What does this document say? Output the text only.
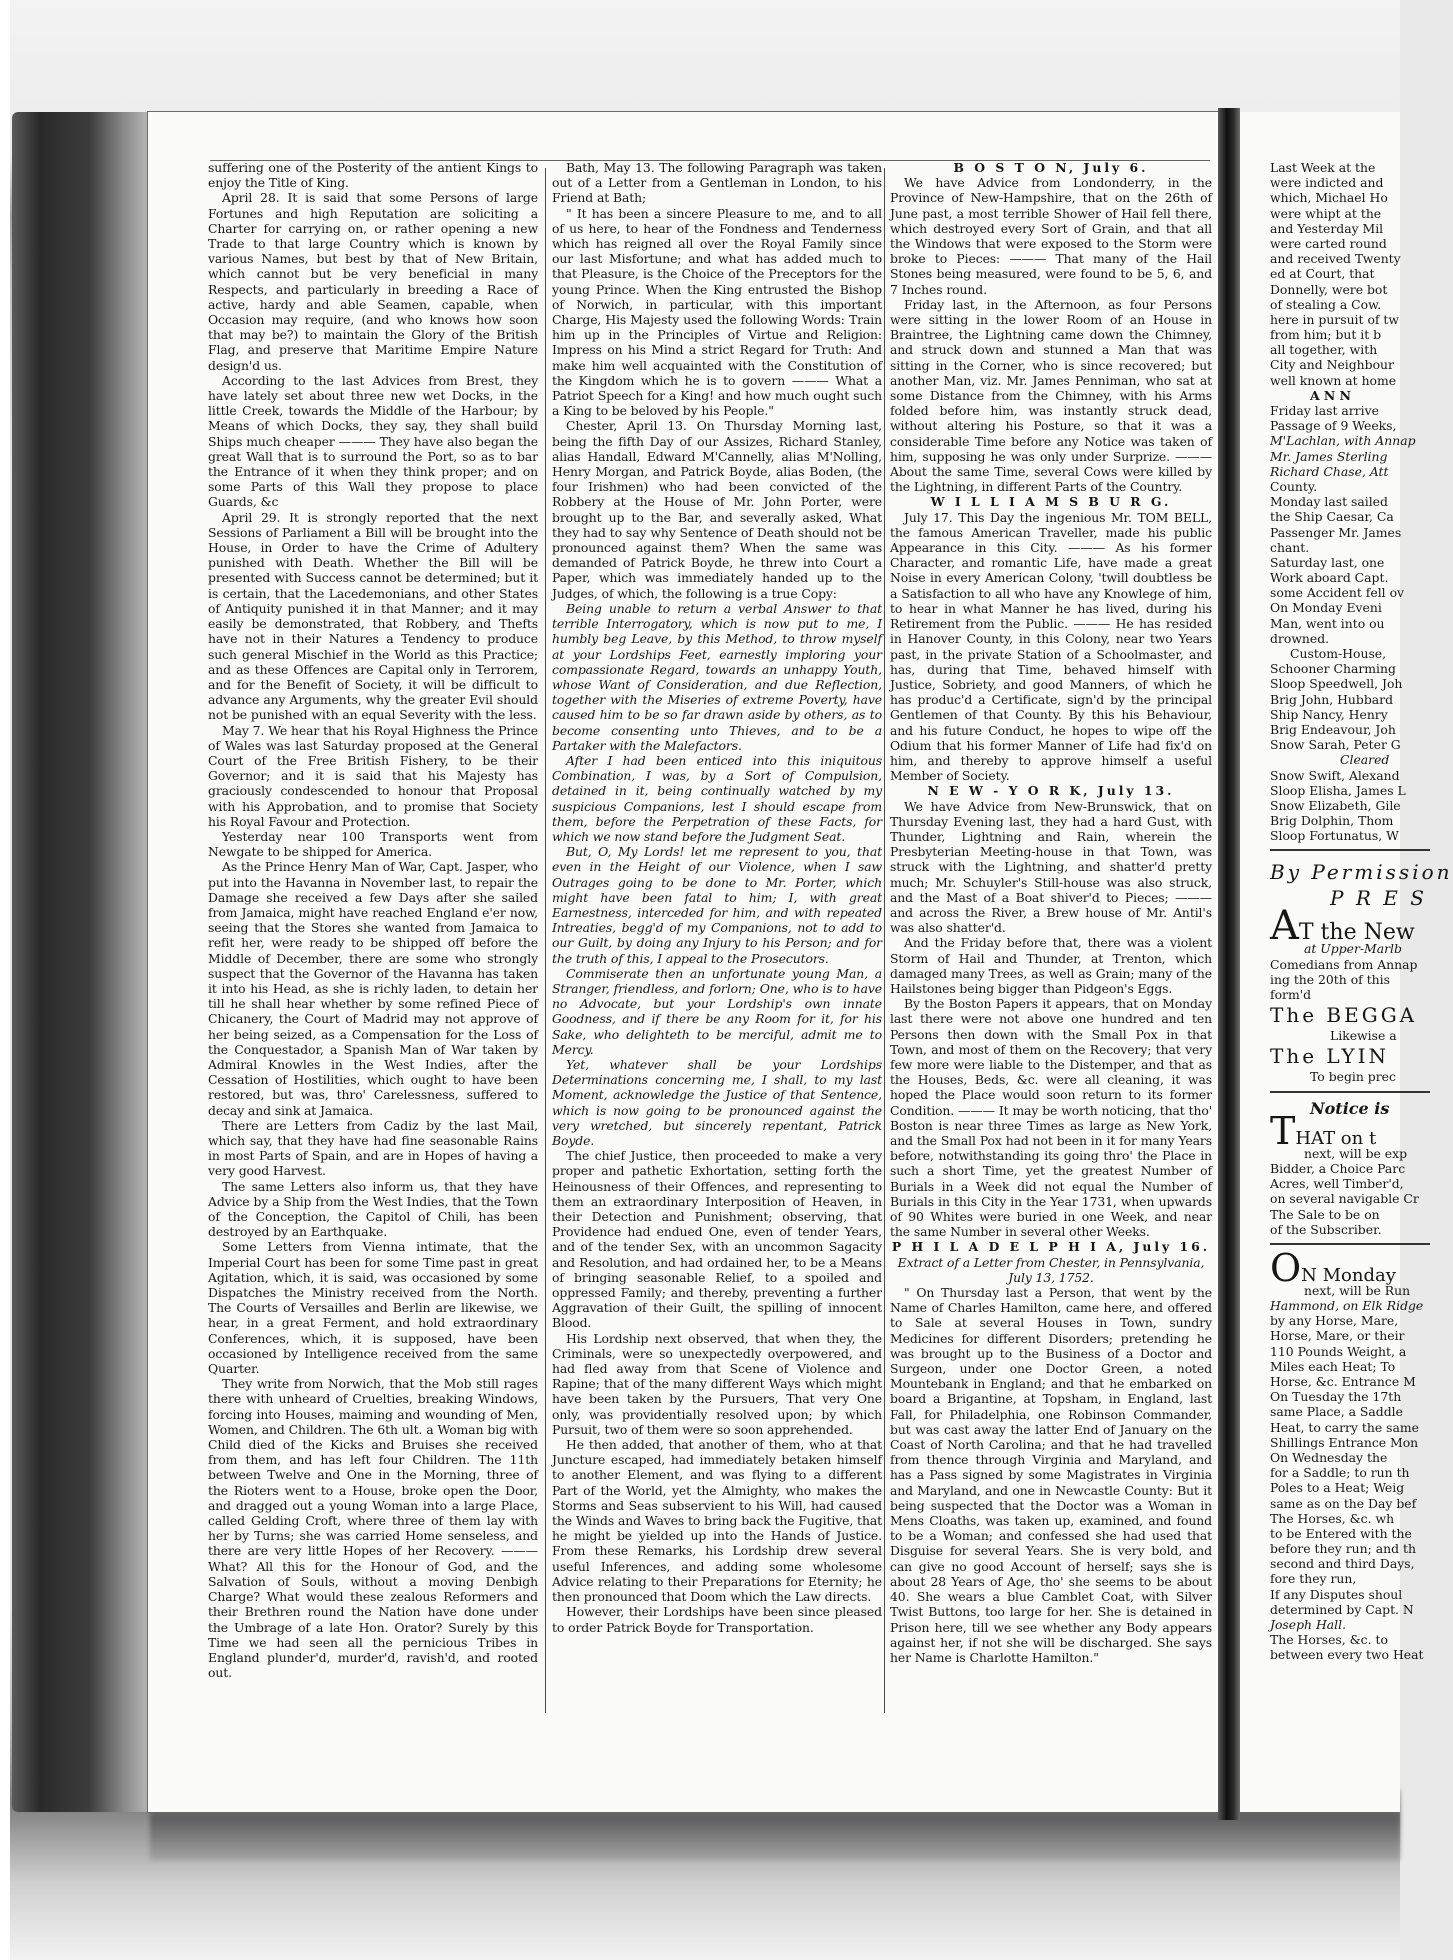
suffering one of the Posterity of the antient Kings to enjoy the Title of King.

April 28. It is said that some Persons of large Fortunes and high Reputation are soliciting a Charter for carrying on, or rather opening a new Trade to that large Country which is known by various Names, but best by that of New Britain, which cannot but be very beneficial in many Respects, and particularly in breeding a Race of active, hardy and able Seamen, capable, when Occasion may require, (and who knows how soon that may be?) to maintain the Glory of the British Flag, and preserve that Maritime Empire Nature design'd us.

According to the last Advices from Brest, they have lately set about three new wet Docks, in the little Creek, towards the Middle of the Harbour; by Means of which Docks, they say, they shall build Ships much cheaper ——— They have also began the great Wall that is to surround the Port, so as to bar the Entrance of it when they think proper; and on some Parts of this Wall they propose to place Guards, &c

April 29. It is strongly reported that the next Sessions of Parliament a Bill will be brought into the House, in Order to have the Crime of Adultery punished with Death. Whether the Bill will be presented with Success cannot be determined; but it is certain, that the Lacedemonians, and other States of Antiquity punished it in that Manner; and it may easily be demonstrated, that Robbery, and Thefts have not in their Natures a Tendency to produce such general Mischief in the World as this Practice; and as these Offences are Capital only in Terrorem, and for the Benefit of Society, it will be difficult to advance any Arguments, why the greater Evil should not be punished with an equal Severity with the less.

May 7. We hear that his Royal Highness the Prince of Wales was last Saturday proposed at the General Court of the Free British Fishery, to be their Governor; and it is said that his Majesty has graciously condescended to honour that Proposal with his Approbation, and to promise that Society his Royal Favour and Protection.

Yesterday near 100 Transports went from Newgate to be shipped for America.

As the Prince Henry Man of War, Capt. Jasper, who put into the Havanna in November last, to repair the Damage she received a few Days after she sailed from Jamaica, might have reached England e'er now, seeing that the Stores she wanted from Jamaica to refit her, were ready to be shipped off before the Middle of December, there are some who strongly suspect that the Governor of the Havanna has taken it into his Head, as she is richly laden, to detain her till he shall hear whether by some refined Piece of Chicanery, the Court of Madrid may not approve of her being seized, as a Compensation for the Loss of the Conquestador, a Spanish Man of War taken by Admiral Knowles in the West Indies, after the Cessation of Hostilities, which ought to have been restored, but was, thro' Carelessness, suffered to decay and sink at Jamaica.

There are Letters from Cadiz by the last Mail, which say, that they have had fine seasonable Rains in most Parts of Spain, and are in Hopes of having a very good Harvest.

The same Letters also inform us, that they have Advice by a Ship from the West Indies, that the Town of the Conception, the Capitol of Chili, has been destroyed by an Earthquake.

Some Letters from Vienna intimate, that the Imperial Court has been for some Time past in great Agitation, which, it is said, was occasioned by some Dispatches the Ministry received from the North. The Courts of Versailles and Berlin are likewise, we hear, in a great Ferment, and hold extraordinary Conferences, which, it is supposed, have been occasioned by Intelligence received from the same Quarter.

They write from Norwich, that the Mob still rages there with unheard of Cruelties, breaking Windows, forcing into Houses, maiming and wounding of Men, Women, and Children. The 6th ult. a Woman big with Child died of the Kicks and Bruises she received from them, and has left four Children. The 11th between Twelve and One in the Morning, three of the Rioters went to a House, broke open the Door, and dragged out a young Woman into a large Place, called Gelding Croft, where three of them lay with her by Turns; she was carried Home senseless, and there are very little Hopes of her Recovery. ——— What? All this for the Honour of God, and the Salvation of Souls, without a moving Denbigh Charge? What would these zealous Reformers and their Brethren round the Nation have done under the Umbrage of a late Hon. Orator? Surely by this Time we had seen all the pernicious Tribes in England plunder'd, murder'd, ravish'd, and rooted out.

Bath, May 13. The following Paragraph was taken out of a Letter from a Gentleman in London, to his Friend at Bath;

" It has been a sincere Pleasure to me, and to all of us here, to hear of the Fondness and Tenderness which has reigned all over the Royal Family since our last Misfortune; and what has added much to that Pleasure, is the Choice of the Preceptors for the young Prince. When the King entrusted the Bishop of Norwich, in particular, with this important Charge, His Majesty used the following Words: Train him up in the Principles of Virtue and Religion: Impress on his Mind a strict Regard for Truth: And make him well acquainted with the Constitution of the Kingdom which he is to govern ——— What a Patriot Speech for a King! and how much ought such a King to be beloved by his People."

Chester, April 13. On Thursday Morning last, being the fifth Day of our Assizes, Richard Stanley, alias Handall, Edward M'Cannelly, alias M'Nolling, Henry Morgan, and Patrick Boyde, alias Boden, (the four Irishmen) who had been convicted of the Robbery at the House of Mr. John Porter, were brought up to the Bar, and severally asked, What they had to say why Sentence of Death should not be pronounced against them? When the same was demanded of Patrick Boyde, he threw into Court a Paper, which was immediately handed up to the Judges, of which, the following is a true Copy:

Being unable to return a verbal Answer to that terrible Interrogatory, which is now put to me, I humbly beg Leave, by this Method, to throw myself at your Lordships Feet, earnestly imploring your compassionate Regard, towards an unhappy Youth, whose Want of Consideration, and due Reflection, together with the Miseries of extreme Poverty, have caused him to be so far drawn aside by others, as to become consenting unto Thieves, and to be a Partaker with the Malefactors.

After I had been enticed into this iniquitous Combination, I was, by a Sort of Compulsion, detained in it, being continually watched by my suspicious Companions, lest I should escape from them, before the Perpetration of these Facts, for which we now stand before the Judgment Seat.

But, O, My Lords! let me represent to you, that even in the Height of our Violence, when I saw Outrages going to be done to Mr. Porter, which might have been fatal to him; I, with great Earnestness, interceded for him, and with repeated Intreaties, begg'd of my Companions, not to add to our Guilt, by doing any Injury to his Person; and for the truth of this, I appeal to the Prosecutors.

Commiserate then an unfortunate young Man, a Stranger, friendless, and forlorn; One, who is to have no Advocate, but your Lordship's own innate Goodness, and if there be any Room for it, for his Sake, who delighteth to be merciful, admit me to Mercy.

Yet, whatever shall be your Lordships Determinations concerning me, I shall, to my last Moment, acknowledge the Justice of that Sentence, which is now going to be pronounced against the very wretched, but sincerely repentant, Patrick Boyde.

The chief Justice, then proceeded to make a very proper and pathetic Exhortation, setting forth the Heinousness of their Offences, and representing to them an extraordinary Interposition of Heaven, in their Detection and Punishment; observing, that Providence had endued One, even of tender Years, and of the tender Sex, with an uncommon Sagacity and Resolution, and had ordained her, to be a Means of bringing seasonable Relief, to a spoiled and oppressed Family; and thereby, preventing a further Aggravation of their Guilt, the spilling of innocent Blood.

His Lordship next observed, that when they, the Criminals, were so unexpectedly overpowered, and had fled away from that Scene of Violence and Rapine; that of the many different Ways which might have been taken by the Pursuers, That very One only, was providentially resolved upon; by which Pursuit, two of them were so soon apprehended.

He then added, that another of them, who at that Juncture escaped, had immediately betaken himself to another Element, and was flying to a different Part of the World, yet the Almighty, who makes the Storms and Seas subservient to his Will, had caused the Winds and Waves to bring back the Fugitive, that he might be yielded up into the Hands of Justice. From these Remarks, his Lordship drew several useful Inferences, and adding some wholesome Advice relating to their Preparations for Eternity; he then pronounced that Doom which the Law directs.

However, their Lordships have been since pleased to order Patrick Boyde for Transportation.

B O S T O N, July 6.

We have Advice from Londonderry, in the Province of New-Hampshire, that on the 26th of June past, a most terrible Shower of Hail fell there, which destroyed every Sort of Grain, and that all the Windows that were exposed to the Storm were broke to Pieces: ——— That many of the Hail Stones being measured, were found to be 5, 6, and 7 Inches round.

Friday last, in the Afternoon, as four Persons were sitting in the lower Room of an House in Braintree, the Lightning came down the Chimney, and struck down and stunned a Man that was sitting in the Corner, who is since recovered; but another Man, viz. Mr. James Penniman, who sat at some Distance from the Chimney, with his Arms folded before him, was instantly struck dead, without altering his Posture, so that it was a considerable Time before any Notice was taken of him, supposing he was only under Surprize. ——— About the same Time, several Cows were killed by the Lightning, in different Parts of the Country.

W I L L I A M S B U R G.

July 17. This Day the ingenious Mr. TOM BELL, the famous American Traveller, made his public Appearance in this City. ——— As his former Character, and romantic Life, have made a great Noise in every American Colony, 'twill doubtless be a Satisfaction to all who have any Knowlege of him, to hear in what Manner he has lived, during his Retirement from the Public. ——— He has resided in Hanover County, in this Colony, near two Years past, in the private Station of a Schoolmaster, and has, during that Time, behaved himself with Justice, Sobriety, and good Manners, of which he has produc'd a Certificate, sign'd by the principal Gentlemen of that County. By this his Behaviour, and his future Conduct, he hopes to wipe off the Odium that his former Manner of Life had fix'd on him, and thereby to approve himself a useful Member of Society.

N E W - Y O R K, July 13.

We have Advice from New-Brunswick, that on Thursday Evening last, they had a hard Gust, with Thunder, Lightning and Rain, wherein the Presbyterian Meeting-house in that Town, was struck with the Lightning, and shatter'd pretty much; Mr. Schuyler's Still-house was also struck, and the Mast of a Boat shiver'd to Pieces; ——— and across the River, a Brew house of Mr. Antil's was also shatter'd.

And the Friday before that, there was a violent Storm of Hail and Thunder, at Trenton, which damaged many Trees, as well as Grain; many of the Hailstones being bigger than Pidgeon's Eggs.

By the Boston Papers it appears, that on Monday last there were not above one hundred and ten Persons then down with the Small Pox in that Town, and most of them on the Recovery; that very few more were liable to the Distemper, and that as the Houses, Beds, &c. were all cleaning, it was hoped the Place would soon return to its former Condition. ——— It may be worth noticing, that tho' Boston is near three Times as large as New York, and the Small Pox had not been in it for many Years before, notwithstanding its going thro' the Place in such a short Time, yet the greatest Number of Burials in a Week did not equal the Number of Burials in this City in the Year 1731, when upwards of 90 Whites were buried in one Week, and near the same Number in several other Weeks.

P H I L A D E L P H I A, July 16.

Extract of a Letter from Chester, in Pennsylvania, July 13, 1752.

" On Thursday last a Person, that went by the Name of Charles Hamilton, came here, and offered to Sale at several Houses in Town, sundry Medicines for different Disorders; pretending he was brought up to the Business of a Doctor and Surgeon, under one Doctor Green, a noted Mountebank in England; and that he embarked on board a Brigantine, at Topsham, in England, last Fall, for Philadelphia, one Robinson Commander, but was cast away the latter End of January on the Coast of North Carolina; and that he had travelled from thence through Virginia and Maryland, and has a Pass signed by some Magistrates in Virginia and Maryland, and one in Newcastle County: But it being suspected that the Doctor was a Woman in Mens Cloaths, was taken up, examined, and found to be a Woman; and confessed she had used that Disguise for several Years. She is very bold, and can give no good Account of herself; says she is about 28 Years of Age, tho' she seems to be about 40. She wears a blue Camblet Coat, with Silver Twist Buttons, too large for her. She is detained in Prison here, till we see whether any Body appears against her, if not she will be discharged. She says her Name is Charlotte Hamilton."

Last Week at the
were indicted and
which, Michael Ho
were whipt at the
and Yesterday Mil
were carted round
and received Twenty
ed at Court, that
Donnelly, were bot
of stealing a Cow.
here in pursuit of tw
from him; but it b
all together, with
City and Neighbour
well known at home
A N N
Friday last arrive
Passage of 9 Weeks,
M'Lachlan, with Annap
Mr. James Sterling
Richard Chase, Att
County.
Monday last sailed
the Ship Caesar, Ca
Passenger Mr. James
chant.
Saturday last, one
Work aboard Capt.
some Accident fell ov
On Monday Eveni
Man, went into ou
drowned.
Custom-House,
Schooner Charming
Sloop Speedwell, Joh
Brig John, Hubbard
Ship Nancy, Henry
Brig Endeavour, Joh
Snow Sarah, Peter G
Cleared
Snow Swift, Alexand
Sloop Elisha, James L
Snow Elizabeth, Gile
Brig Dolphin, Thom
Sloop Fortunatus, W
By Permission
P R E S
AT the New
at Upper-Marlb
Comedians from Annap
ing the 20th of this
form'd
The BEGGA
Likewise a
The LYIN
To begin prec
Notice is
THAT on t
next, will be exp
Bidder, a Choice Parc
Acres, well Timber'd,
on several navigable Cr
The Sale to be on
of the Subscriber.
ON Monday
next, will be Run
Hammond, on Elk Ridge
by any Horse, Mare,
Horse, Mare, or their
110 Pounds Weight, a
Miles each Heat; To
Horse, &c. Entrance M
On Tuesday the 17th
same Place, a Saddle
Heat, to carry the same
Shillings Entrance Mon
On Wednesday the
for a Saddle; to run th
Poles to a Heat; Weig
same as on the Day bef
The Horses, &c. wh
to be Entered with the
before they run; and th
second and third Days,
fore they run,
If any Disputes shoul
determined by Capt. N
Joseph Hall.
The Horses, &c. to
between every two Heat
